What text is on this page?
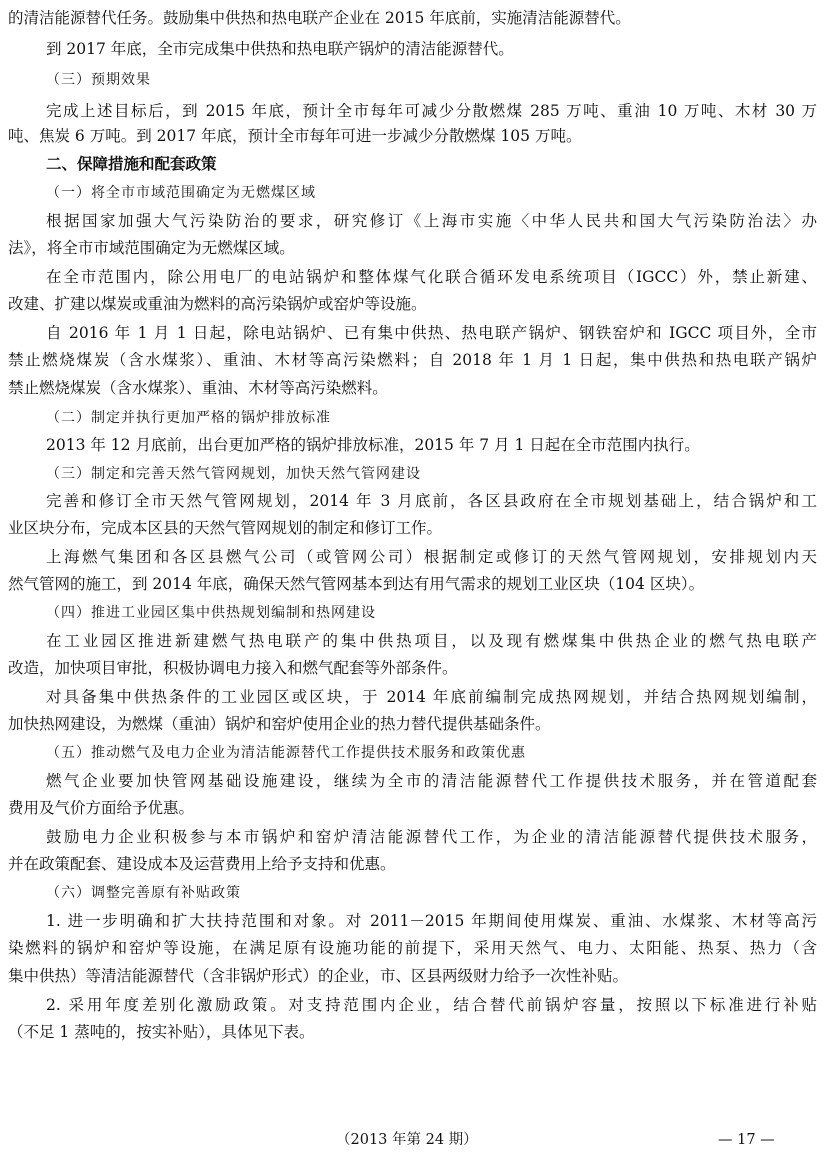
的清洁能源替代任务。鼓励集中供热和热电联产企业在 2015 年底前，实施清洁能源替代。
到 2017 年底，全市完成集中供热和热电联产锅炉的清洁能源替代。
（三）预期效果
完成上述目标后，到 2015 年底，预计全市每年可减少分散燃煤 285 万吨、重油 10 万吨、木材 30 万
吨、焦炭 6 万吨。到 2017 年底，预计全市每年可进一步减少分散燃煤 105 万吨。
二、保障措施和配套政策
（一）将全市市域范围确定为无燃煤区域
根据国家加强大气污染防治的要求，研究修订《上海市实施〈中华人民共和国大气污染防治法〉办
法》，将全市市域范围确定为无燃煤区域。
在全市范围内，除公用电厂的电站锅炉和整体煤气化联合循环发电系统项目（IGCC）外，禁止新建、
改建、扩建以煤炭或重油为燃料的高污染锅炉或窑炉等设施。
自 2016 年 1 月 1 日起，除电站锅炉、已有集中供热、热电联产锅炉、钢铁窑炉和 IGCC 项目外，全市
禁止燃烧煤炭（含水煤浆）、重油、木材等高污染燃料；自 2018 年 1 月 1 日起，集中供热和热电联产锅炉
禁止燃烧煤炭（含水煤浆）、重油、木材等高污染燃料。
（二）制定并执行更加严格的锅炉排放标准
2013 年 12 月底前，出台更加严格的锅炉排放标准，2015 年 7 月 1 日起在全市范围内执行。
（三）制定和完善天然气管网规划，加快天然气管网建设
完善和修订全市天然气管网规划，2014 年 3 月底前，各区县政府在全市规划基础上，结合锅炉和工
业区块分布，完成本区县的天然气管网规划的制定和修订工作。
上海燃气集团和各区县燃气公司（或管网公司）根据制定或修订的天然气管网规划，安排规划内天
然气管网的施工，到 2014 年底，确保天然气管网基本到达有用气需求的规划工业区块（104 区块）。
（四）推进工业园区集中供热规划编制和热网建设
在工业园区推进新建燃气热电联产的集中供热项目，以及现有燃煤集中供热企业的燃气热电联产
改造，加快项目审批，积极协调电力接入和燃气配套等外部条件。
对具备集中供热条件的工业园区或区块，于 2014 年底前编制完成热网规划，并结合热网规划编制，
加快热网建设，为燃煤（重油）锅炉和窑炉使用企业的热力替代提供基础条件。
（五）推动燃气及电力企业为清洁能源替代工作提供技术服务和政策优惠
燃气企业要加快管网基础设施建设，继续为全市的清洁能源替代工作提供技术服务，并在管道配套
费用及气价方面给予优惠。
鼓励电力企业积极参与本市锅炉和窑炉清洁能源替代工作，为企业的清洁能源替代提供技术服务，
并在政策配套、建设成本及运营费用上给予支持和优惠。
（六）调整完善原有补贴政策
1. 进一步明确和扩大扶持范围和对象。对 2011－2015 年期间使用煤炭、重油、水煤浆、木材等高污
染燃料的锅炉和窑炉等设施，在满足原有设施功能的前提下，采用天然气、电力、太阳能、热泵、热力（含
集中供热）等清洁能源替代（含非锅炉形式）的企业，市、区县两级财力给予一次性补贴。
2. 采用年度差别化激励政策。对支持范围内企业，结合替代前锅炉容量，按照以下标准进行补贴
（不足 1 蒸吨的，按实补贴），具体见下表。
（2013 年第 24 期）	— 17 —
